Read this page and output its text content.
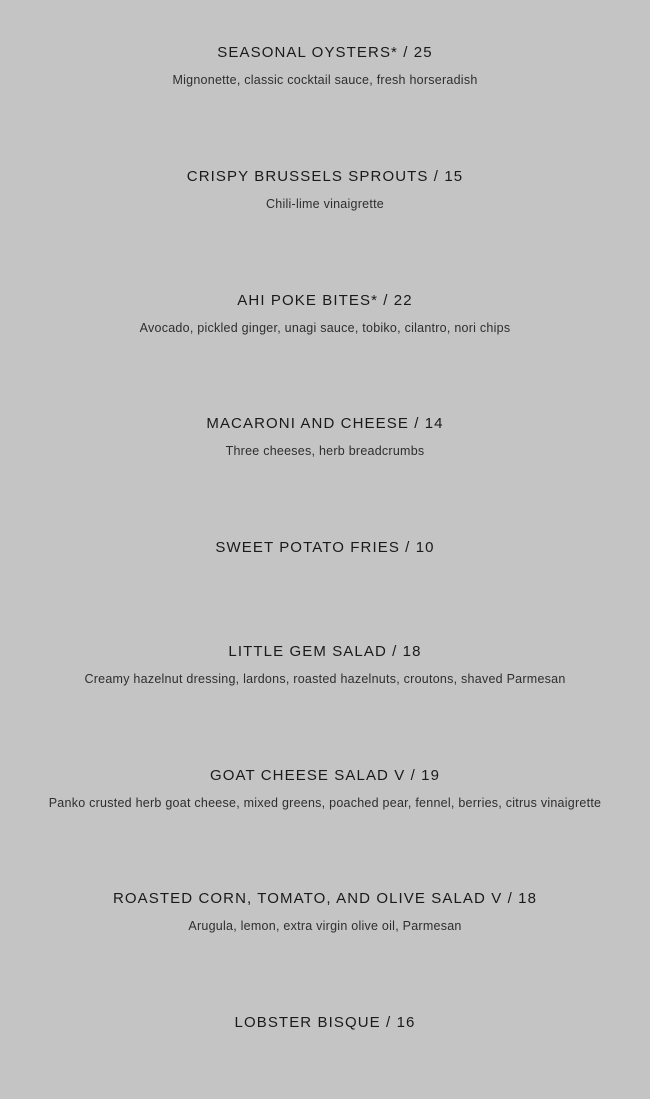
SEASONAL OYSTERS* / 25
Mignonette, classic cocktail sauce, fresh horseradish
CRISPY BRUSSELS SPROUTS / 15
Chili-lime vinaigrette
AHI POKE BITES* / 22
Avocado, pickled ginger, unagi sauce, tobiko, cilantro, nori chips
MACARONI AND CHEESE / 14
Three cheeses, herb breadcrumbs
SWEET POTATO FRIES / 10
LITTLE GEM SALAD / 18
Creamy hazelnut dressing, lardons, roasted hazelnuts, croutons, shaved Parmesan
GOAT CHEESE SALAD V / 19
Panko crusted herb goat cheese, mixed greens, poached pear, fennel, berries, citrus vinaigrette
ROASTED CORN, TOMATO, AND OLIVE SALAD V / 18
Arugula, lemon, extra virgin olive oil, Parmesan
LOBSTER BISQUE / 16
